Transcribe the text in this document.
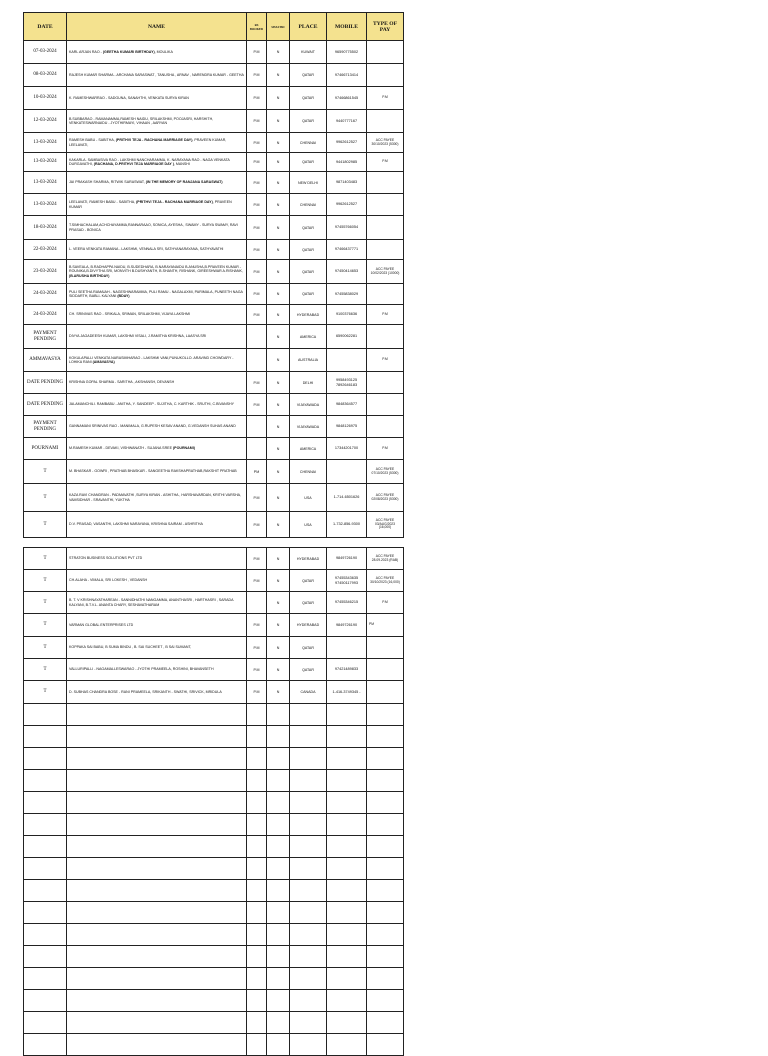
DATE	NAME	RS BOOKED	SHASTRI	PLACE	MOBILE	TYPE OF PAY
07-03-2024	KARL ARJAN RAO - (GEETHA KUMARI BIRTHDAY), MOULIKA	P.M	N	KUWAIT	96590775502	
08-03-2024	RAJESH KUMAR SHARMA - ARCHANA SARASWAT , TANUSHA , ARNAV , NARENDRA KUMAR - GEETHA	P.M	N	QATAR	97466713414	
10-03-2024	K. RAMESHWARRAO - SADGUNA, SANAHTHI, VENKATA SURYA KIRAN	P.M	N	QATAR	97466861545	P.M
12-03-2024	B.SUBBARAO - RAMANAMMA,RAMESH NAIDU, SRILAKSHMI, POOJASRI, HARSHITH, VENKATESWARNAIDU - JYOTHIRMAYI, VIHAAN , AARYAN	P.M	N	QATAR	9440777167	
13-03-2024	RAMESH BABU - SABITHA, (PRITHVI TEJA - RACHANA MARRIAGE DAY), PRAVEEN KUMAR, LEELAVATI,	P.M	N	CHENNAI	9962612527	ACC PAYEE 30/10/2023 (5300)
13-03-2024	KAKARLA. SAMBASIVA RAO - LAKSHMI NANCHARAMMA, K. NARAYANA RAO - NAGA VENKATA DURGAVATHI, (RACHANA, D.PRITHVI TEJA MARRIAGE DAY ), MANSHI	P.M	N	QATAR	9441802985	P.M
13-03-2024	JAI PRAKASH SHARMA, RITWIK SARASWAT, (IN THE MEMORY OF RANJANA SARASWAT)	P.M	N	NEW DELHI	9871403483	
13-03-2024	LEELAVATI, RAMESH BABU - SABITHA, (PRITHVI TEJA - RACHANA MARRIAGE DAY), PRAVEEN KUMAR	P.M	N	CHENNAI	9962612527	
18-03-2024	T.SIMHACHALAM,ACHCHAYAMMA,RANNARAAO, SONICA, AYESHA , SWAMY - SURYA SWAMY, RAVI PRASAD - BONICA	P.M	N	QATAR	97455766054	
22-03-2024	L. VEERA VENKATA RAMANA - LAKSHMI, VENNALA SRI, SATHYANARAYANA, SATHYAVATHI	P.M	N	QATAR	97466437771	
23-03-2024	B.SAVEALA, B.RADHAPPA NAIDU, B.SUDEDHARA, B.NARAYANAIDU B.ANUSHA,B.PRAVEEN KUMAR - ROUNIKA,B.DIVYTHA SRI, MONVITH B.DUSHYANTH, B.SHANTH, RISHANK, GIREESHWAR A.RISHANK, (B.ARUSHA BIRTHDAY)	P.M	N	QATAR	97450414653	ACC PAYEE 10/02/2023 (10000)
24-03-2024	PULI SEETHA RAMAIAH - NAGESHWARAMMA, PULI RAMU - NAGALAXMI, PARIMALA, PUNEETH NAGA SIDDARTH, BABLI- KALYANI (BDAY)	P.M	N	QATAR	97455838029	
24-03-2024	CH. SRINIVAS RAO - SRIKALA, SRIMAN, SRILAKSHMI, VIJAYA LAKSHMI	P.M	N	HYDERABAD	9100376636	P.M
PAYMENT PENDING	DIVYA JAGADEESH KUMAR, LAKSHMI VISALI, J.RAMITHA KRISHNA, LAASYA SRI		N	AMERICA	6590062281	
AMMAVASYA	KOKULAPALLI VENKATA NARASIMHARAO - LAKSHMI VANI,PUNUKOLLO. ARAVIND CHOWDARY - LOHIKA RANI (AMAVASYA)		N	AUSTRALIA		P.M
DATE PENDING	KRISHNA GOPAL SHARMA - SARITHA , AKSHANSH, DEVANSH	P.M	N	DELHI	9958493125 7892646183	
DATE PENDING	JALAMANCHILI. RAMBABU - ANITHA, Y. SANDEEP - SUJITHA, C. KARTHIK - SRUTHI, C.BIVANSHY	P.M	N	VIJAYAWADA	9848364577	
PAYMENT PENDING	GANNAMANI SRINIVAS RAO - MANIMALA, G.RUPESH KESAV ANAND, G.VEDANSH SUHAS ANAND		N	VIJAYAWADA	9848126975	
POURNAMI	M.RAMESH KUMAR - DEVAKI, VISHWANATH - SUJANA SREE (POURNAMI)		N	AMERICA	17344201700	P.M
T	M. BHASKAR - GOWRI , PRATHAB BHASKAR - SANGEETHA RAKSHAPRATHAB,RAKSHIT PRATHAB	PM	N	CHENNAI		ACC PAYEE 07/10/2023 (5300)
T	KAZA RAVI CHANDRAN - PADMAVATHI ,SURYA KIRAN - ASHITHA , HARSHAVARDAN, KRITHI VARSHA, VAMSIDHAR - SRAVANTHI, YUKTHA	P.M	N	USA	1-714-6501626	ACC PAYEE 02/08/2023 (5300)
T	D.V. PRASAD, VASANTHI, LAKSHMI NARAYANA, KRISHNA SAIRAM - ASHRITHA	P.M	N	USA	1-732-856-9300	ACC PAYEE 03/AUG/2023 (16,000)
T	STRATON BUSINESS SOLUTIONS PVT LTD	P.M	N	HYDERABAD	9849726190	ACC PAYEE 28.09.2023 (RAB)
T	CH.ALAHA - VIMALA, SRI LOKESH , VEDANSH	P.M	N	QATAR	97455343635 97450117993	ACC PAYEE 30/10/2023 (16,000)
T	B. T. V KRISHNAYATHAREAN - SANNIDHATHI NANGAMMA, ANANTHASRI , HARTHASRI , SARADA KALYANI, B.T.V.L. ANANTA CHARY, SESHAVATHARAM		N	QATAR	97455346215	P.M
T	VARMAN GLOBAL ENTERPRISES LTD	P.M	N	HYDERABAD	9849726190	PM
T	KOPPAKA SAI BABU, B SUMA BINDU , B. SAI SUCHEET , B SAI SUMANT,	P.M	N	QATAR		
T	VALLURIPALLI - NAGAMALLESWARAO - JYOTHI PRAMEELA, ROSHINI, BHAVANSETH	P.M	N	QATAR	97421489833	
T	D. SUBHAS CHANDRA BOSE - RANI PRAMEELA, SRIKANTH - SWATHI, SRIVICK, MRIDULA	P.M	N	CANADA	1-416-3749345 -	
